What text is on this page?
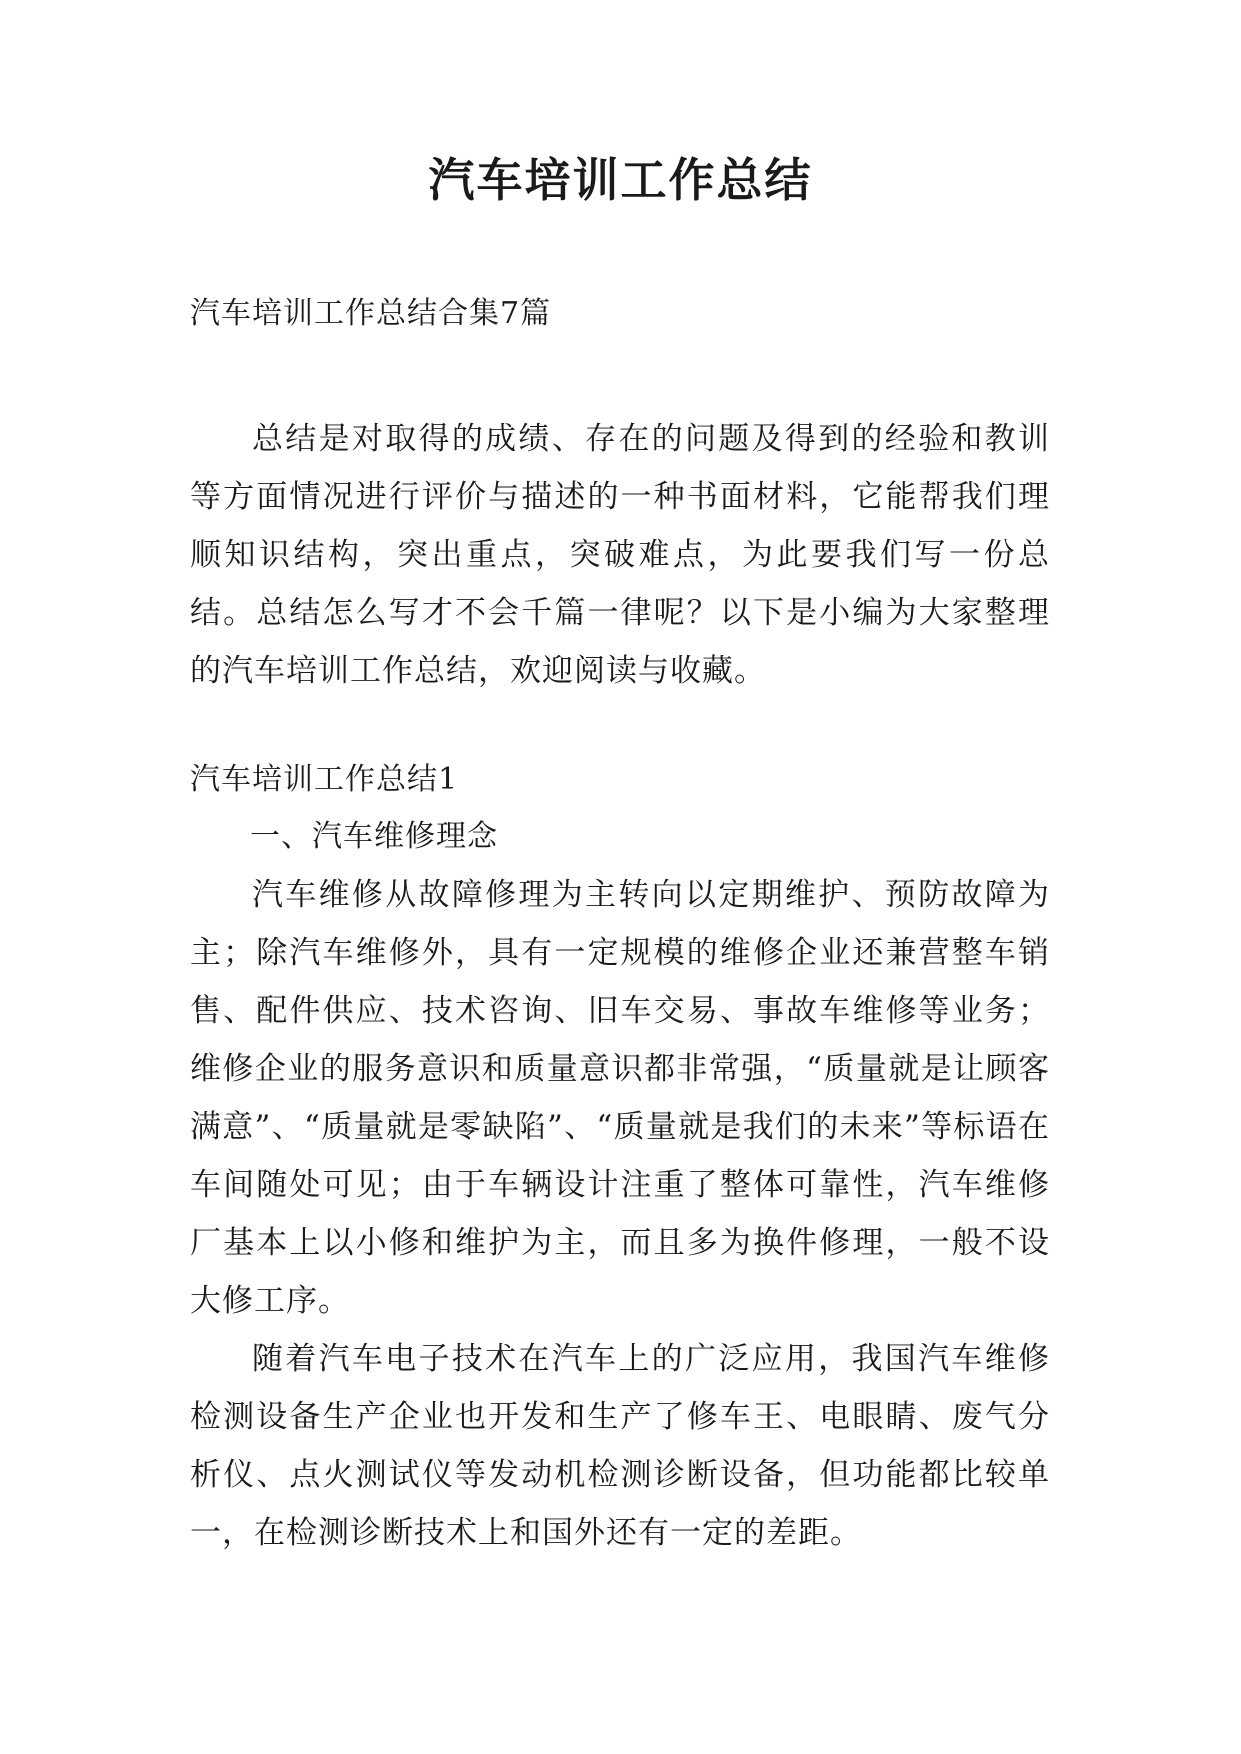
汽车培训工作总结
汽车培训工作总结合集7篇

总结是对取得的成绩、存在的问题及得到的经验和教训等方面情况进行评价与描述的一种书面材料，它能帮我们理顺知识结构，突出重点，突破难点，为此要我们写一份总结。总结怎么写才不会千篇一律呢？以下是小编为大家整理的汽车培训工作总结，欢迎阅读与收藏。

汽车培训工作总结1

一、汽车维修理念

汽车维修从故障修理为主转向以定期维护、预防故障为主；除汽车维修外，具有一定规模的维修企业还兼营整车销售、配件供应、技术咨询、旧车交易、事故车维修等业务；维修企业的服务意识和质量意识都非常强，“质量就是让顾客满意”、“质量就是零缺陷”、“质量就是我们的未来”等标语在车间随处可见；由于车辆设计注重了整体可靠性，汽车维修厂基本上以小修和维护为主，而且多为换件修理，一般不设大修工序。

随着汽车电子技术在汽车上的广泛应用，我国汽车维修检测设备生产企业也开发和生产了修车王、电眼睛、废气分析仪、点火测试仪等发动机检测诊断设备，但功能都比较单一，在检测诊断技术上和国外还有一定的差距。
